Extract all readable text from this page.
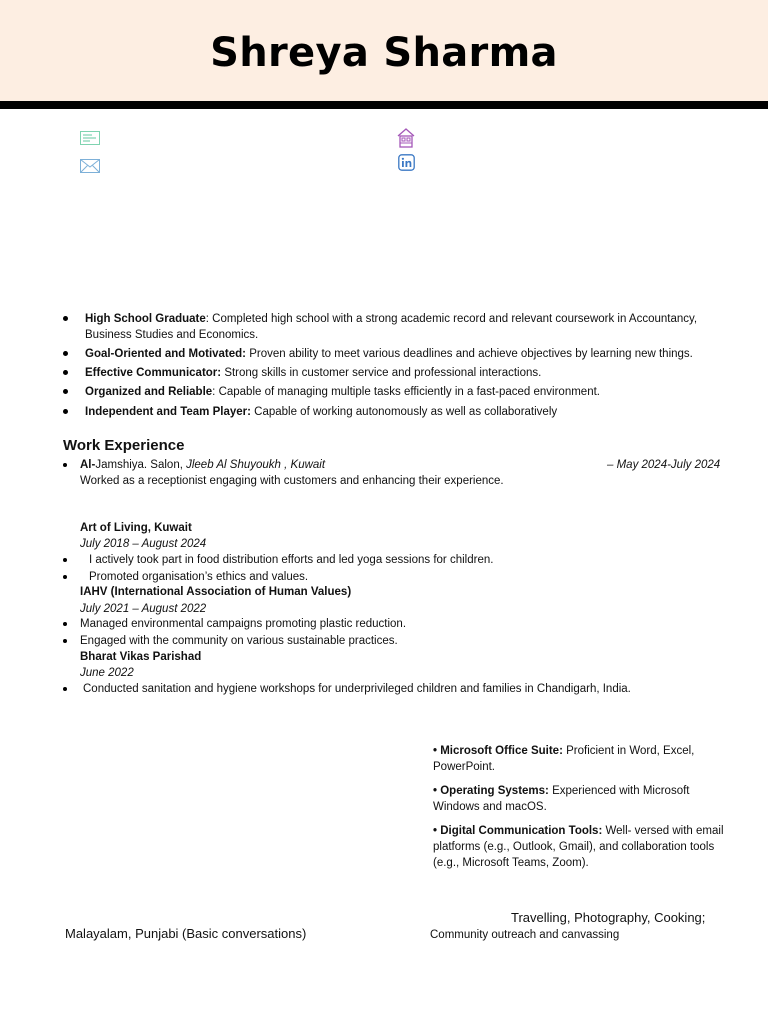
Shreya Sharma
High School Graduate: Completed high school with a strong academic record and relevant coursework in Accountancy,
Business Studies and Economics.
Goal-Oriented and Motivated: Proven ability to meet various deadlines and achieve objectives by learning new things.
Effective Communicator: Strong skills in customer service and professional interactions.
Organized and Reliable: Capable of managing multiple tasks efficiently in a fast-paced environment.
Independent and Team Player: Capable of working autonomously as well as collaboratively
Work Experience
Al-Jamshiya. Salon, Jleeb Al Shuyoukh , Kuwait	– May 2024-July 2024
Worked as a receptionist engaging with customers and enhancing their experience.
Art of Living, Kuwait
July 2018 – August 2024
I actively took part in food distribution efforts and led yoga sessions for children.
Promoted organisation’s ethics and values.
IAHV (International Association of Human Values)
July 2021 – August 2022
Managed environmental campaigns promoting plastic reduction.
Engaged with the community on various sustainable practices.
Bharat Vikas Parishad
June 2022
Conducted sanitation and hygiene workshops for underprivileged children and families in Chandigarh, India.
• Microsoft Office Suite: Proficient in Word, Excel,
PowerPoint.
• Operating Systems: Experienced with Microsoft
Windows and macOS.
• Digital Communication Tools: Well- versed with email
platforms (e.g., Outlook, Gmail), and collaboration tools
(e.g., Microsoft Teams, Zoom).
Malayalam, Punjabi (Basic conversations)
Travelling, Photography, Cooking;
Community outreach and canvassing
